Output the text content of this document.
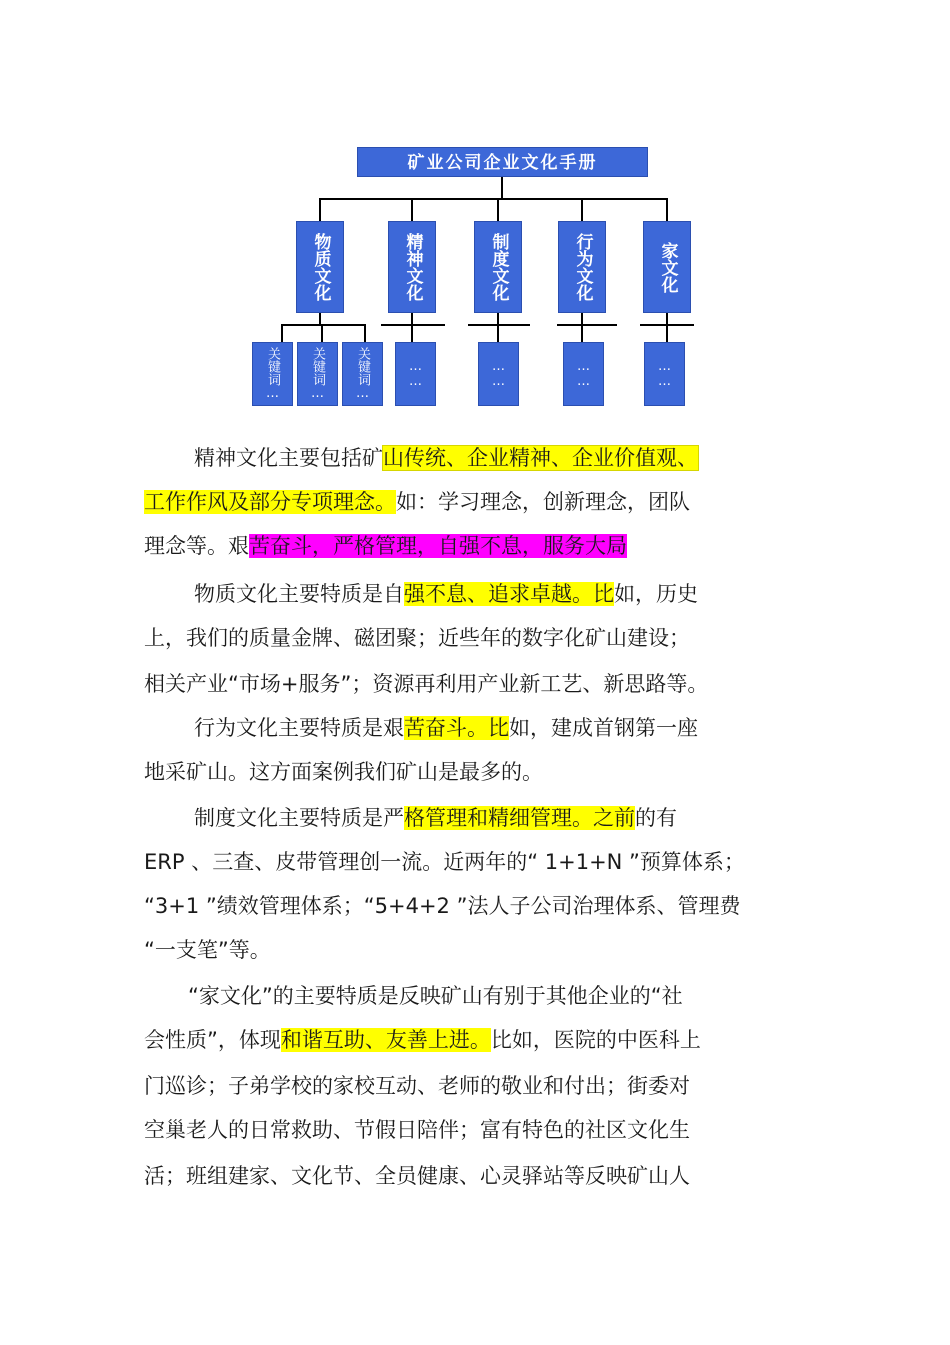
矿业公司企业文化手册
物质文化	精神文化	制度文化	行为文化	家文化
关键词… 关键词… 关键词…	……	……	……	……
精神文化主要包括矿山传统、企业精神、企业价值观、
工作作风及部分专项理念。如：学习理念，创新理念，团队
理念等。艰苦奋斗，严格管理，自强不息，服务大局
物质文化主要特质是自强不息、追求卓越。比如，历史
上，我们的质量金牌、磁团聚；近些年的数字化矿山建设；
相关产业“市场+服务”；资源再利用产业新工艺、新思路等。
行为文化主要特质是艰苦奋斗。比如，建成首钢第一座
地采矿山。这方面案例我们矿山是最多的。
制度文化主要特质是严格管理和精细管理。之前的有
ERP 、三查、皮带管理创一流。近两年的“ 1+1+N ”预算体系；
“3+1 ”绩效管理体系；“5+4+2 ”法人子公司治理体系、管理费
“一支笔”等。
“家文化”的主要特质是反映矿山有别于其他企业的“社
会性质”，体现和谐互助、友善上进。比如，医院的中医科上
门巡诊；子弟学校的家校互动、老师的敬业和付出；街委对
空巢老人的日常救助、节假日陪伴；富有特色的社区文化生
活；班组建家、文化节、全员健康、心灵驿站等反映矿山人
